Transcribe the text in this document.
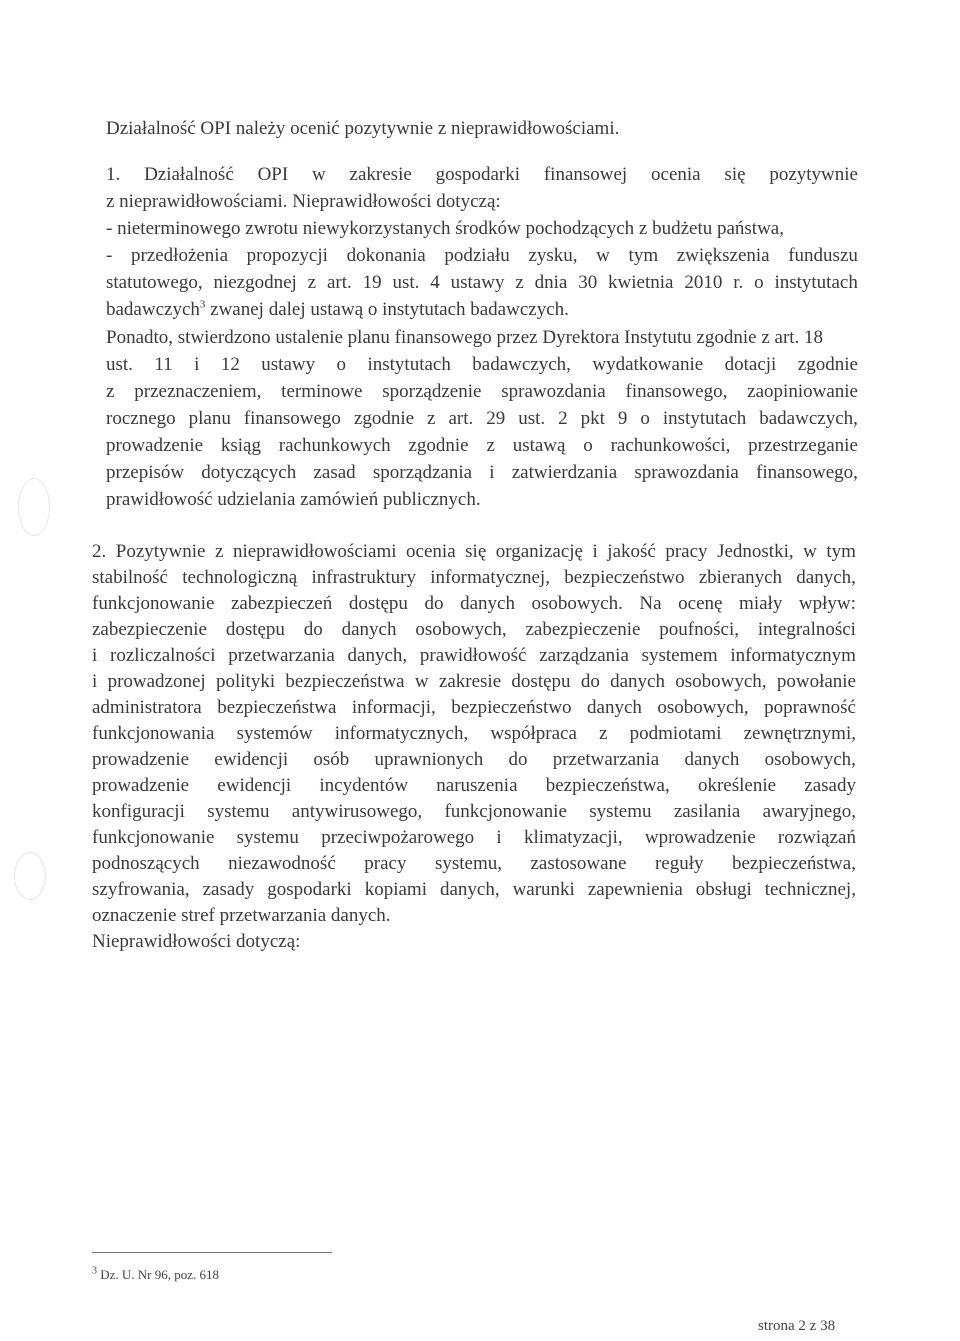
Działalność OPI należy ocenić pozytywnie z nieprawidłowościami.
1. Działalność OPI w zakresie gospodarki finansowej ocenia się pozytywnie
z nieprawidłowościami. Nieprawidłowości dotyczą:
- nieterminowego zwrotu niewykorzystanych środków pochodzących z budżetu państwa,
- przedłożenia propozycji dokonania podziału zysku, w tym zwiększenia funduszu
statutowego, niezgodnej z art. 19 ust. 4 ustawy z dnia 30 kwietnia 2010 r. o instytutach
badawczych$^3$ zwanej dalej ustawą o instytutach badawczych.
Ponadto, stwierdzono ustalenie planu finansowego przez Dyrektora Instytutu zgodnie z art. 18
ust. 11 i 12 ustawy o instytutach badawczych, wydatkowanie dotacji zgodnie
z przeznaczeniem, terminowe sporządzenie sprawozdania finansowego, zaopiniowanie
rocznego planu finansowego zgodnie z art. 29 ust. 2 pkt 9 o instytutach badawczych,
prowadzenie ksiąg rachunkowych zgodnie z ustawą o rachunkowości, przestrzeganie
przepisów dotyczących zasad sporządzania i zatwierdzania sprawozdania finansowego,
prawidłowość udzielania zamówień publicznych.
2. Pozytywnie z nieprawidłowościami ocenia się organizację i jakość pracy Jednostki, w tym
stabilność technologiczną infrastruktury informatycznej, bezpieczeństwo zbieranych danych,
funkcjonowanie zabezpieczeń dostępu do danych osobowych. Na ocenę miały wpływ:
zabezpieczenie dostępu do danych osobowych, zabezpieczenie poufności, integralności
i rozliczalności przetwarzania danych, prawidłowość zarządzania systemem informatycznym
i prowadzonej polityki bezpieczeństwa w zakresie dostępu do danych osobowych, powołanie
administratora bezpieczeństwa informacji, bezpieczeństwo danych osobowych, poprawność
funkcjonowania systemów informatycznych, współpraca z podmiotami zewnętrznymi,
prowadzenie ewidencji osób uprawnionych do przetwarzania danych osobowych,
prowadzenie ewidencji incydentów naruszenia bezpieczeństwa, określenie zasady
konfiguracji systemu antywirusowego, funkcjonowanie systemu zasilania awaryjnego,
funkcjonowanie systemu przeciwpożarowego i klimatyzacji, wprowadzenie rozwiązań
podnoszących niezawodność pracy systemu, zastosowane reguły bezpieczeństwa,
szyfrowania, zasady gospodarki kopiami danych, warunki zapewnienia obsługi technicznej,
oznaczenie stref przetwarzania danych.
Nieprawidłowości dotyczą:
$^3$ Dz. U. Nr 96, poz. 618
strona 2 z 38
